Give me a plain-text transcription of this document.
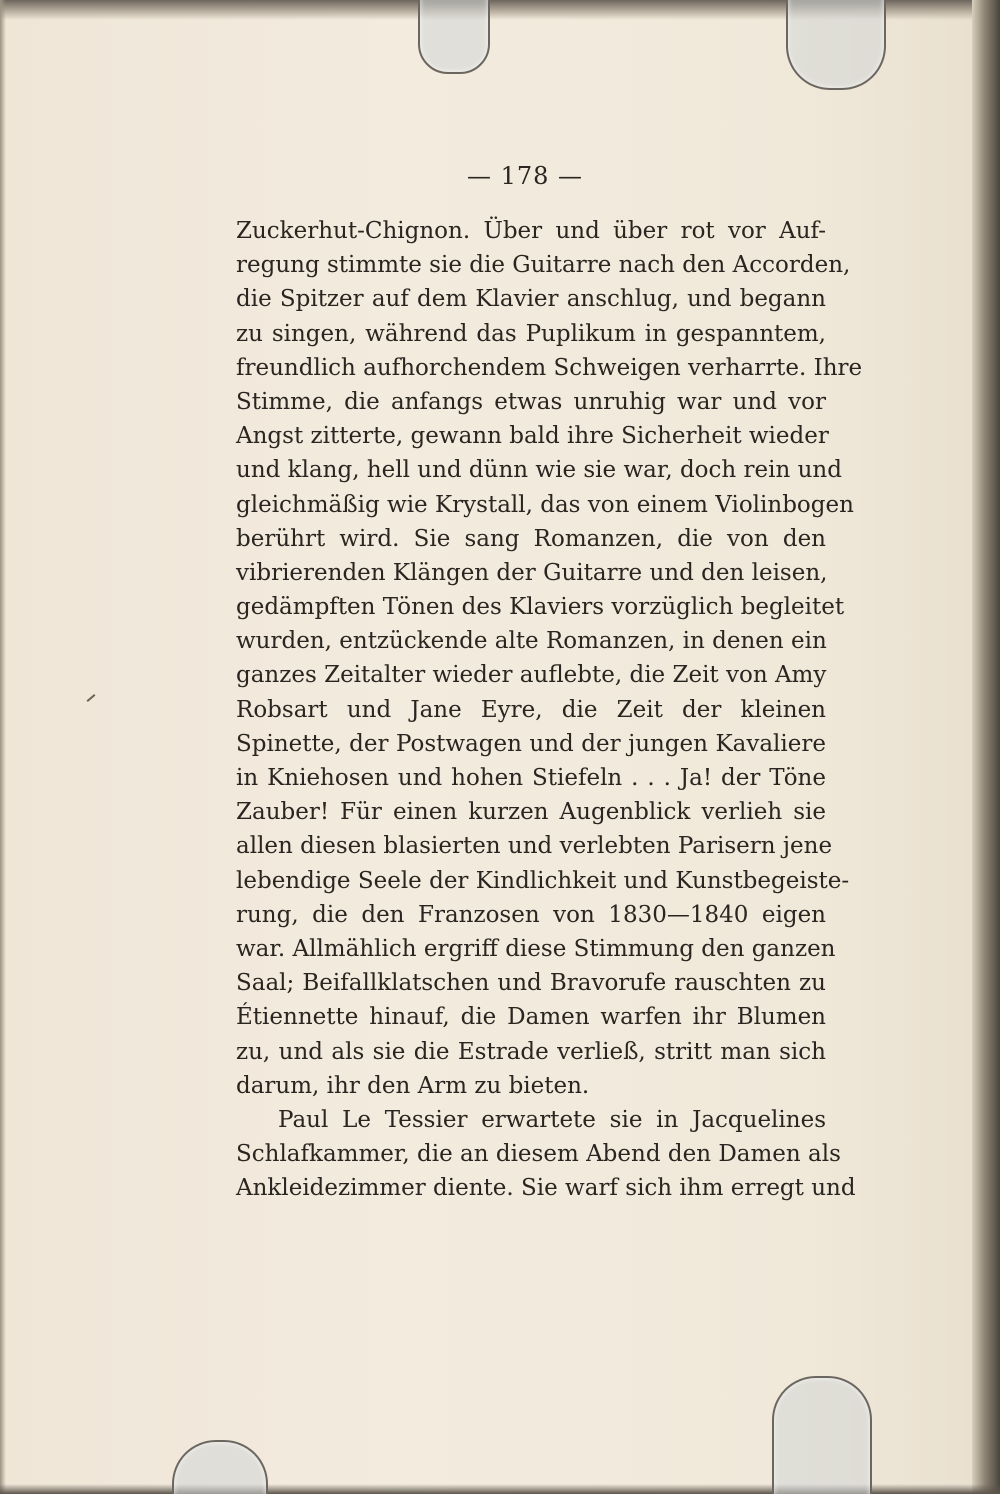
— 178 —
Zuckerhut-Chignon. Über und über rot vor Auf-
regung stimmte sie die Guitarre nach den Accorden,
die Spitzer auf dem Klavier anschlug, und begann
zu singen, während das Puplikum in gespanntem,
freundlich aufhorchendem Schweigen verharrte. Ihre
Stimme, die anfangs etwas unruhig war und vor
Angst zitterte, gewann bald ihre Sicherheit wieder
und klang, hell und dünn wie sie war, doch rein und
gleichmäßig wie Krystall, das von einem Violinbogen
berührt wird. Sie sang Romanzen, die von den
vibrierenden Klängen der Guitarre und den leisen,
gedämpften Tönen des Klaviers vorzüglich begleitet
wurden, entzückende alte Romanzen, in denen ein
ganzes Zeitalter wieder auflebte, die Zeit von Amy
Robsart und Jane Eyre, die Zeit der kleinen
Spinette, der Postwagen und der jungen Kavaliere
in Kniehosen und hohen Stiefeln . . . Ja! der Töne
Zauber! Für einen kurzen Augenblick verlieh sie
allen diesen blasierten und verlebten Parisern jene
lebendige Seele der Kindlichkeit und Kunstbegeiste-
rung, die den Franzosen von 1830—1840 eigen
war. Allmählich ergriff diese Stimmung den ganzen
Saal; Beifallklatschen und Bravorufe rauschten zu
Étiennette hinauf, die Damen warfen ihr Blumen
zu, und als sie die Estrade verließ, stritt man sich
darum, ihr den Arm zu bieten.
Paul Le Tessier erwartete sie in Jacquelines
Schlafkammer, die an diesem Abend den Damen als
Ankleidezimmer diente. Sie warf sich ihm erregt und
